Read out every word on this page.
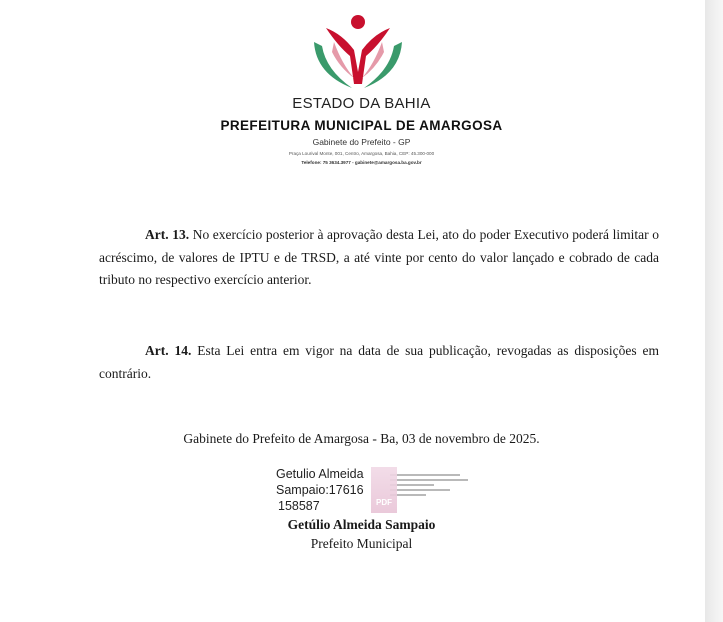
ESTADO DA BAHIA
PREFEITURA MUNICIPAL DE AMARGOSA
Gabinete do Prefeito - GP
Praça Lourival Monte, 001, Centro, Amargosa, Bahia, CEP: 45.300-000
Telefone: 75 3634.3977 - gabinete@amargosa.ba.gov.br
Art. 13. No exercício posterior à aprovação desta Lei, ato do poder Executivo poderá limitar o acréscimo, de valores de IPTU e de TRSD, a até vinte por cento do valor lançado e cobrado de cada tributo no respectivo exercício anterior.
Art. 14. Esta Lei entra em vigor na data de sua publicação, revogadas as disposições em contrário.
Gabinete do Prefeito de Amargosa - Ba, 03 de novembro de 2025.
PDF
Getulio Almeida
Sampaio:17616
158587
Getúlio Almeida Sampaio
Prefeito Municipal
